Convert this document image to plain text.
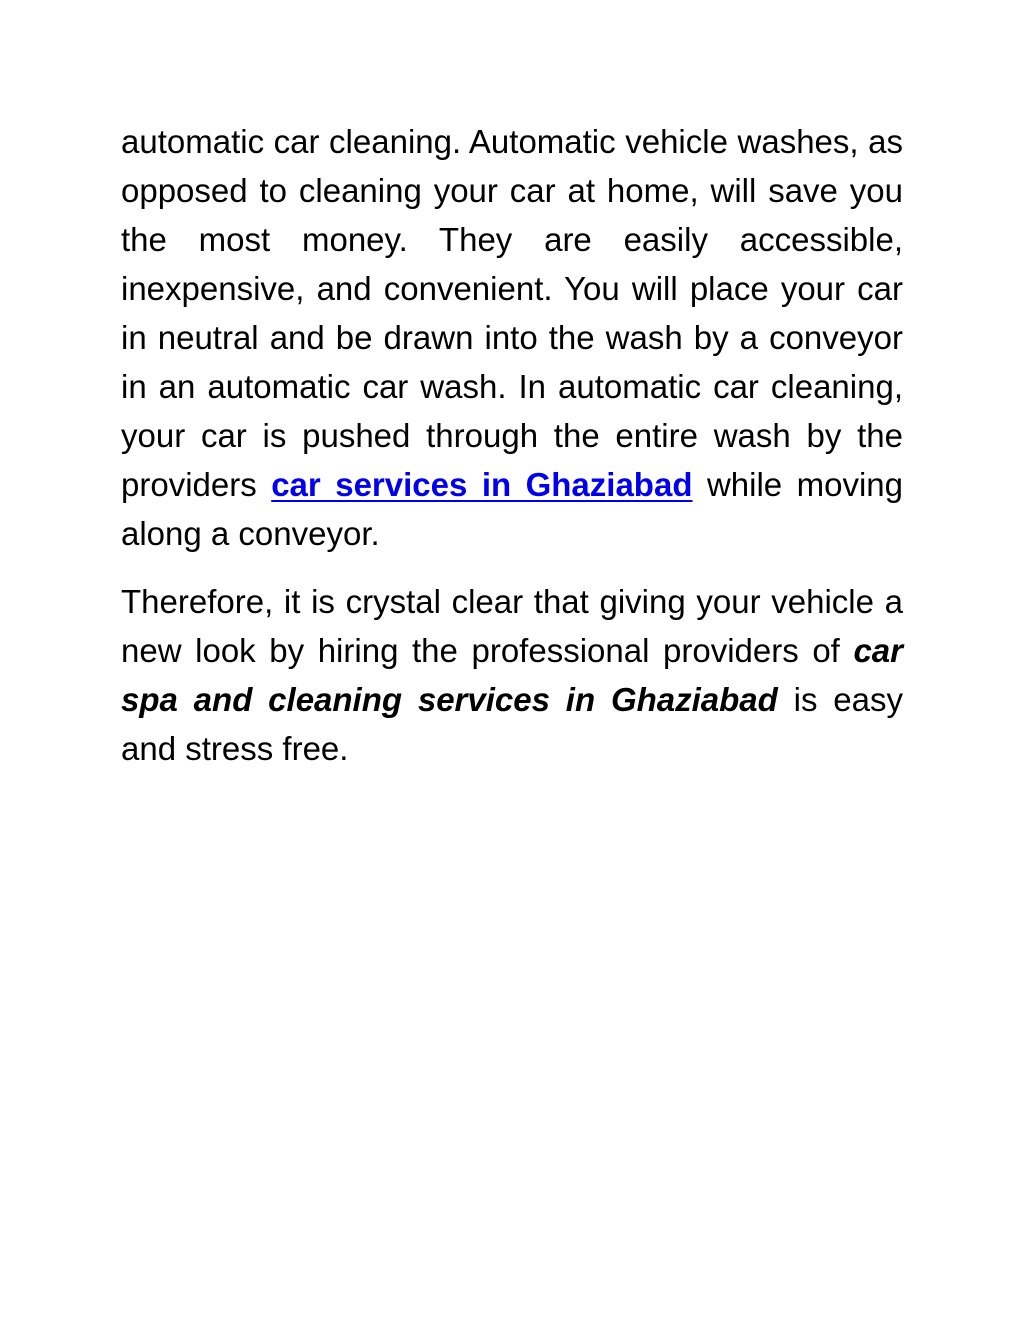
automatic car cleaning. Automatic vehicle washes, as opposed to cleaning your car at home, will save you the most money. They are easily accessible, inexpensive, and convenient. You will place your car in neutral and be drawn into the wash by a conveyor in an automatic car wash. In automatic car cleaning, your car is pushed through the entire wash by the providers car services in Ghaziabad while moving along a conveyor.

Therefore, it is crystal clear that giving your vehicle a new look by hiring the professional providers of car spa and cleaning services in Ghaziabad is easy and stress free.
